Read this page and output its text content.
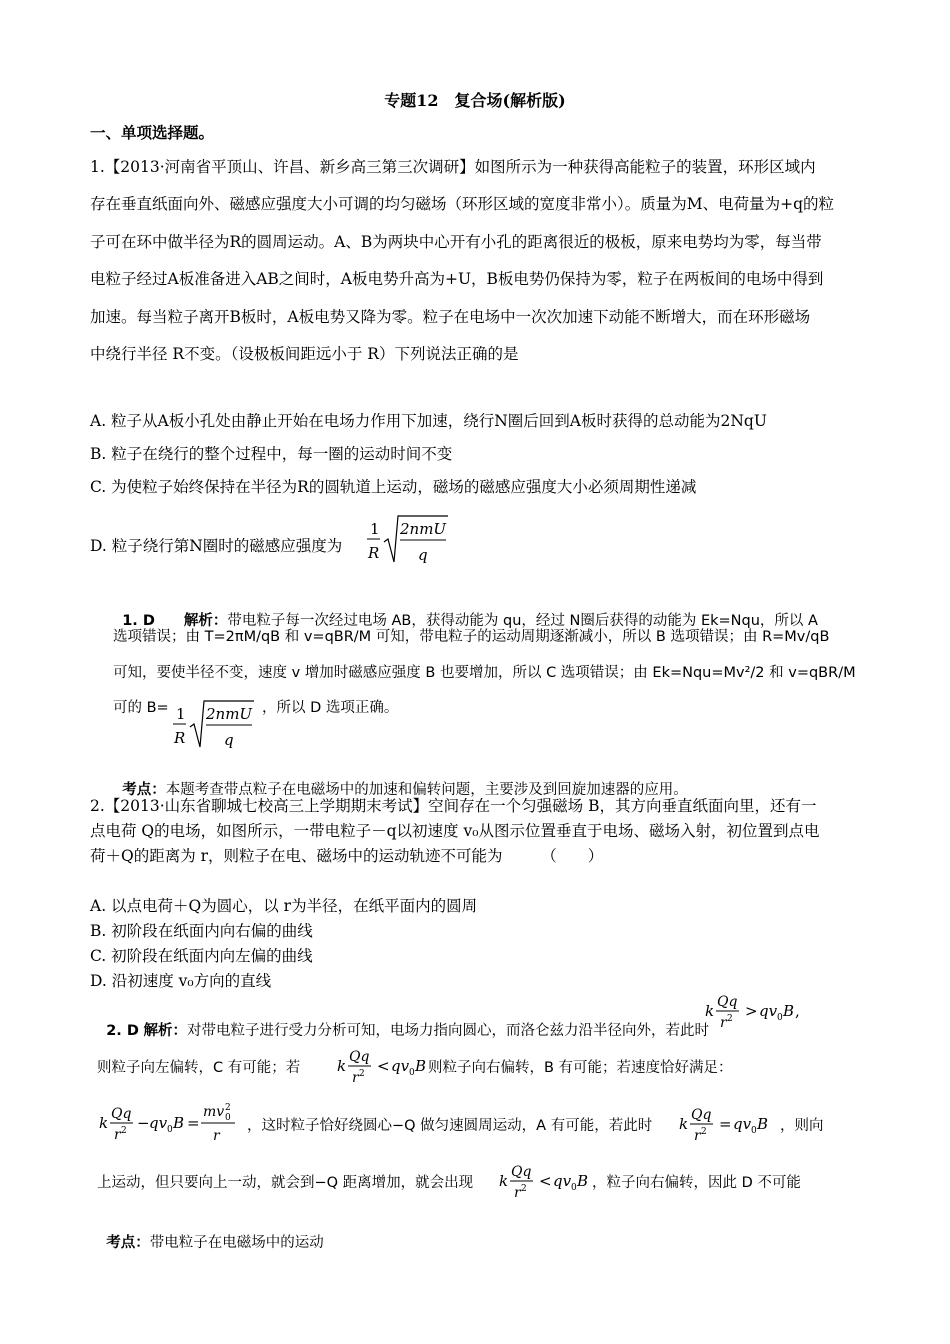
专题12　复合场(解析版)
一、单项选择题。
1.【2013·河南省平顶山、许昌、新乡高三第三次调研】如图所示为一种获得高能粒子的装置，环形区域内
存在垂直纸面向外、磁感应强度大小可调的均匀磁场（环形区域的宽度非常小）。质量为M、电荷量为+q的粒
子可在环中做半径为R的圆周运动。A、B为两块中心开有小孔的距离很近的极板，原来电势均为零，每当带
电粒子经过A板准备进入AB之间时，A板电势升高为+U，B板电势仍保持为零，粒子在两板间的电场中得到
加速。每当粒子离开B板时，A板电势又降为零。粒子在电场中一次次加速下动能不断增大，而在环形磁场
中绕行半径 R不变。（设极板间距远小于 R）下列说法正确的是
A. 粒子从A板小孔处由静止开始在电场力作用下加速，绕行N圈后回到A板时获得的总动能为2NqU
B. 粒子在绕行的整个过程中，每一圈的运动时间不变
C. 为使粒子始终保持在半径为R的圆轨道上运动，磁场的磁感应强度大小必须周期性递减
D. 粒子绕行第N圈时的磁感应强度为
1
R
2nmU
q

1. D　　 解析：带电粒子每一次经过电场 AB，获得动能为 qu，经过 N圈后获得的动能为 Ek=Nqu，所以 A

选项错误；由 T=2πM/qB 和 v=qBR/M 可知，带电粒子的运动周期逐渐减小，所以 B 选项错误；由 R=Mv/qB
可知，要使半径不变，速度 v 增加时磁感应强度 B 也要增加，所以 C 选项错误；由 Ek=Nqu=Mv²/2 和 v=qBR/M
可的 B= 1
R
2nmU
q
，所以 D 选项正确。

考点：本题考查带点粒子在电磁场中的加速和偏转问题，主要涉及到回旋加速器的应用。

2.【2013·山东省聊城七校高三上学期期末考试】空间存在一个匀强磁场 B，其方向垂直纸面向里，还有一
点电荷 Q的电场，如图所示，一带电粒子－q以初速度 v₀从图示位置垂直于电场、磁场入射，初位置到点电
荷＋Q的距离为 r，则粒子在电、磁场中的运动轨迹不可能为　　　（　　）
A. 以点电荷＋Q为圆心，以 r为半径，在纸平面内的圆周
B. 初阶段在纸面内向右偏的曲线
C. 初阶段在纸面内向左偏的曲线
D. 沿初速度 v₀方向的直线

2. D 解析：对带电粒子进行受力分析可知，电场力指向圆心，而洛仑兹力沿半径向外，若此时

k Qq
r 2 > qv 0 B ,
则粒子向左偏转，C 有可能；若 k Qq
r 2 < qv 0 B 则粒子向右偏转，B 有可能；若速度恰好满足：
k Qq
r 2 − qv 0 B =
mv 2
0
r
，这时粒子恰好绕圆心−Q 做匀速圆周运动，A 有可能，若此时 k Qq
r 2 = qv 0 B ，则向
上运动，但只要向上一动，就会到−Q 距离增加，就会出现 k Qq
r 2 < qv 0 B ，粒子向右偏转，因此 D 不可能

考点：带电粒子在电磁场中的运动
